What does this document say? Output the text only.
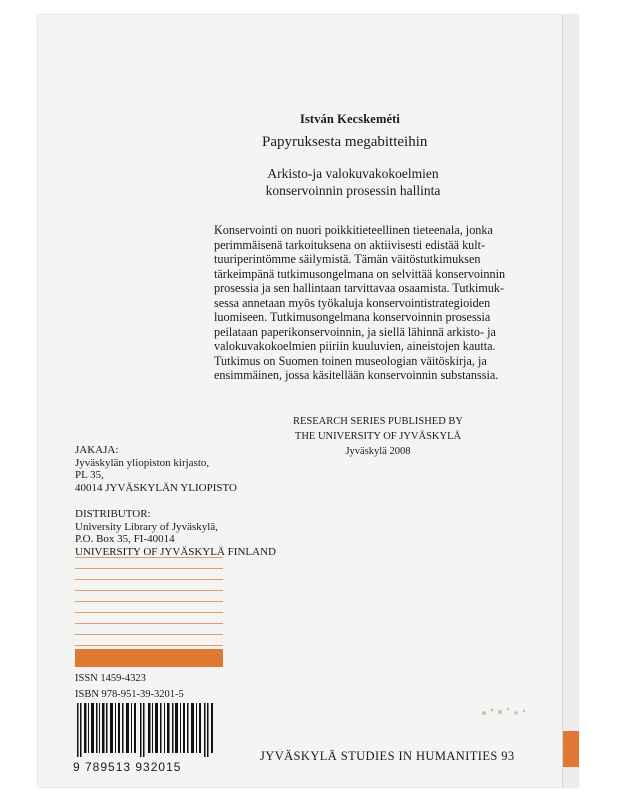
István Kecskeméti
Papyruksesta megabitteihin
Arkisto-ja valokuvakokoelmien
konservoinnin prosessin hallinta

Konservointi on nuori poikkitieteellinen tieteenala, jonka

perimmäisenä tarkoituksena on aktiivisesti edistää kult-

tuuriperintömme säilymistä. Tämän väitöstutkimuksen

tärkeimpänä tutkimusongelmana on selvittää konservoinnin

prosessia ja sen hallintaan tarvittavaa osaamista. Tutkimuk-

sessa annetaan myös työkaluja konservointistrategioiden

luomiseen. Tutkimusongelmana konservoinnin prosessia

peilataan paperikonservoinnin, ja siellä lähinnä arkisto- ja

valokuvakokoelmien piiriin kuuluvien, aineistojen kautta.

Tutkimus on Suomen toinen museologian väitöskirja, ja

ensimmäinen, jossa käsitellään konservoinnin substanssia.

RESEARCH SERIES PUBLISHED BY
THE UNIVERSITY OF JYVÄSKYLÄ
Jyväskylä 2008
JAKAJA:
Jyväskylän yliopiston kirjasto,
PL 35,
40014 JYVÄSKYLÄN YLIOPISTO
DISTRIBUTOR:
University Library of Jyväskylä,
P.O. Box 35, FI-40014
UNIVERSITY OF JYVÄSKYLÄ FINLAND
ISSN 1459-4323
ISBN 978-951-39-3201-5
9 789513 932015
JYVÄSKYLÄ STUDIES IN HUMANITIES 93
